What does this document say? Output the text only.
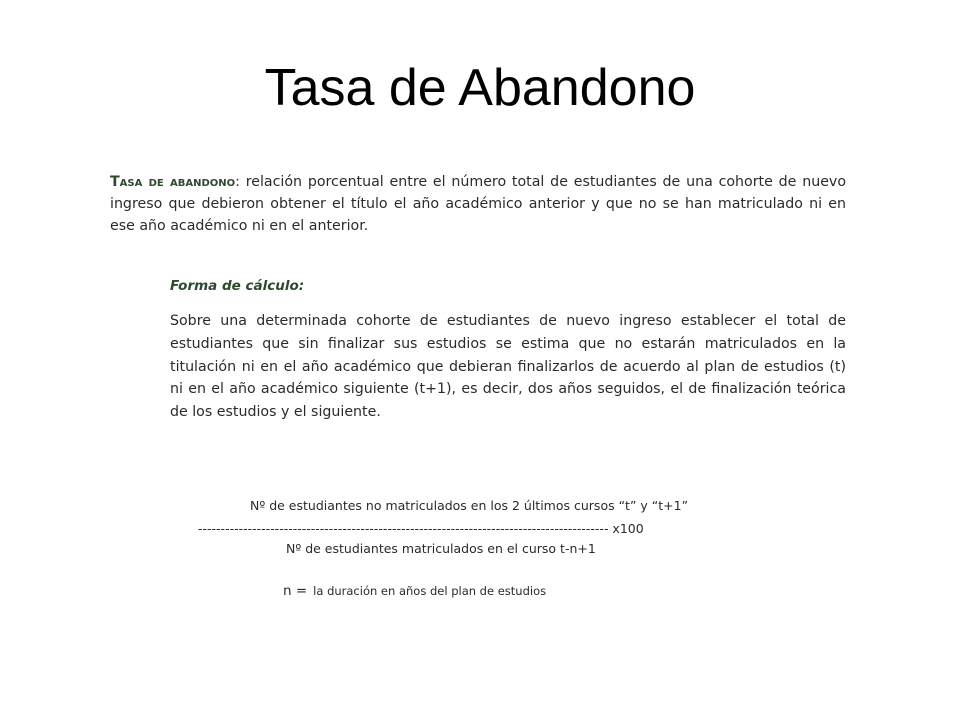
Tasa de Abandono
Tasa de abandono: relación porcentual entre el número total de estudiantes de una cohorte de nuevo ingreso que debieron obtener el título el año académico anterior y que no se han matriculado ni en ese año académico ni en el anterior.
Forma de cálculo:
Sobre una determinada cohorte de estudiantes de nuevo ingreso establecer el total de estudiantes que sin finalizar sus estudios se estima que no estarán matriculados en la titulación ni en el año académico que debieran finalizarlos de acuerdo al plan de estudios (t) ni en el año académico siguiente (t+1), es decir, dos años seguidos, el de finalización teórica de los estudios y el siguiente.
Nº de estudiantes no matriculados en los 2 últimos cursos “t” y “t+1”
------------------------------------------------------------------------------------------- x100
Nº de estudiantes matriculados en el curso t-n+1
n = la duración en años del plan de estudios
